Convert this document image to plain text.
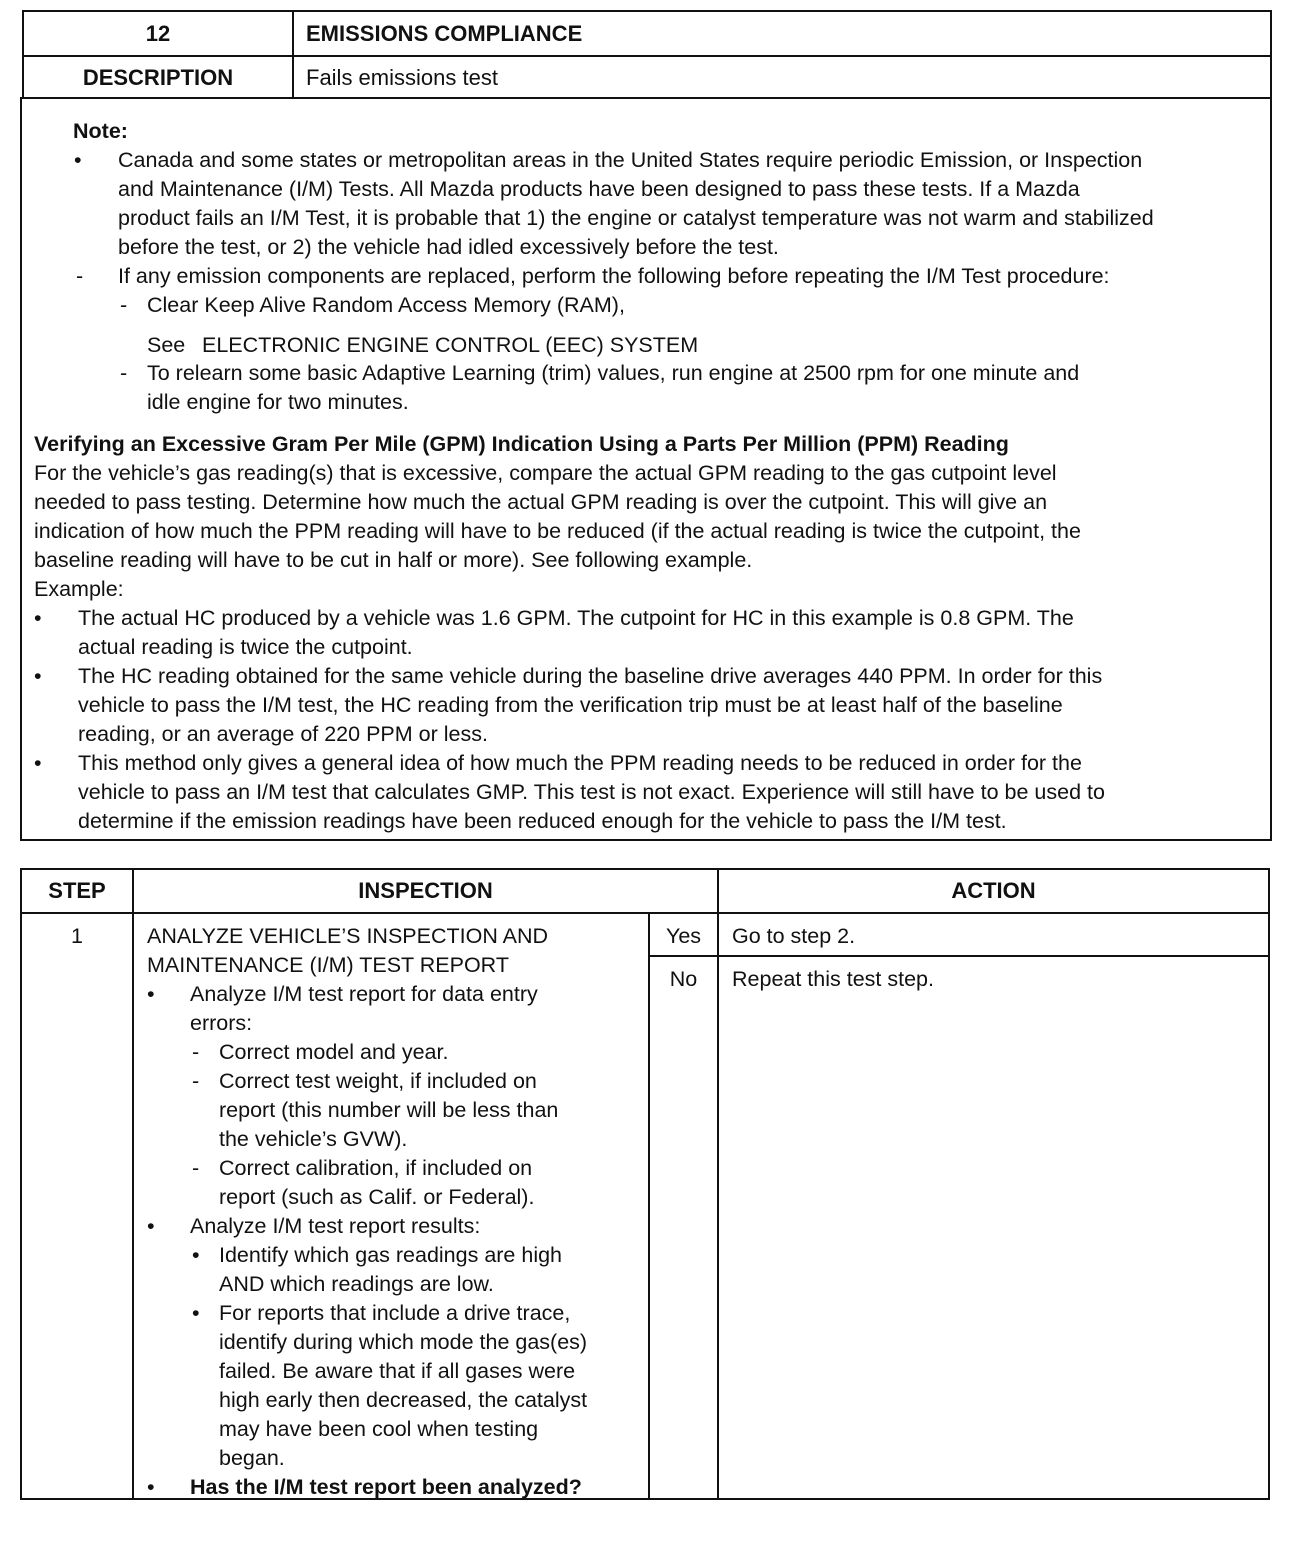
12	EMISSIONS COMPLIANCE
DESCRIPTION	Fails emissions test
Note:
• Canada and some states or metropolitan areas in the United States require periodic Emission, or Inspection
and Maintenance (I/M) Tests. All Mazda products have been designed to pass these tests. If a Mazda
product fails an I/M Test, it is probable that 1) the engine or catalyst temperature was not warm and stabilized
before the test, or 2) the vehicle had idled excessively before the test.
- If any emission components are replaced, perform the following before repeating the I/M Test procedure:
- Clear Keep Alive Random Access Memory (RAM),
See ELECTRONIC ENGINE CONTROL (EEC) SYSTEM
- To relearn some basic Adaptive Learning (trim) values, run engine at 2500 rpm for one minute and
idle engine for two minutes.
Verifying an Excessive Gram Per Mile (GPM) Indication Using a Parts Per Million (PPM) Reading
For the vehicle’s gas reading(s) that is excessive, compare the actual GPM reading to the gas cutpoint level
needed to pass testing. Determine how much the actual GPM reading is over the cutpoint. This will give an
indication of how much the PPM reading will have to be reduced (if the actual reading is twice the cutpoint, the
baseline reading will have to be cut in half or more). See following example.
Example:
• The actual HC produced by a vehicle was 1.6 GPM. The cutpoint for HC in this example is 0.8 GPM. The
actual reading is twice the cutpoint.
• The HC reading obtained for the same vehicle during the baseline drive averages 440 PPM. In order for this
vehicle to pass the I/M test, the HC reading from the verification trip must be at least half of the baseline
reading, or an average of 220 PPM or less.
• This method only gives a general idea of how much the PPM reading needs to be reduced in order for the
vehicle to pass an I/M test that calculates GMP. This test is not exact. Experience will still have to be used to
determine if the emission readings have been reduced enough for the vehicle to pass the I/M test.
STEP	INSPECTION	ACTION
1	ANALYZE VEHICLE’S INSPECTION AND
MAINTENANCE (I/M) TEST REPORT
• Analyze I/M test report for data entry
errors:
- Correct model and year.
- Correct test weight, if included on
report (this number will be less than
the vehicle’s GVW).
- Correct calibration, if included on
report (such as Calif. or Federal).
• Analyze I/M test report results:
• Identify which gas readings are high
AND which readings are low.
• For reports that include a drive trace,
identify during which mode the gas(es)
failed. Be aware that if all gases were
high early then decreased, the catalyst
may have been cool when testing
began.
• Has the I/M test report been analyzed?
Yes	Go to step 2.
No	Repeat this test step.
